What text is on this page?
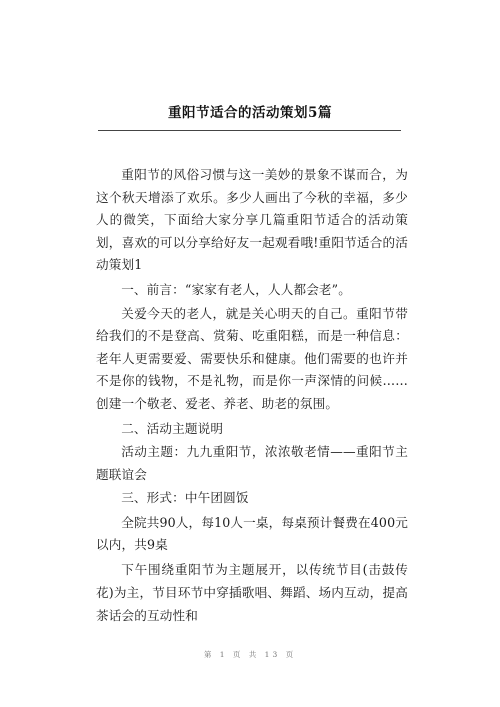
重阳节适合的活动策划5篇

重阳节的风俗习惯与这一美妙的景象不谋而合，为这个秋天增添了欢乐。多少人画出了今秋的幸福，多少人的微笑，下面给大家分享几篇重阳节适合的活动策划，喜欢的可以分享给好友一起观看哦!重阳节适合的活动策划1

一、前言：“家家有老人，人人都会老”。

关爱今天的老人，就是关心明天的自己。重阳节带给我们的不是登高、赏菊、吃重阳糕，而是一种信息：老年人更需要爱、需要快乐和健康。他们需要的也许并不是你的钱物，不是礼物，而是你一声深情的问候……创建一个敬老、爱老、养老、助老的氛围。

二、活动主题说明

活动主题：九九重阳节，浓浓敬老情——重阳节主题联谊会

三、形式：中午团圆饭

全院共90人，每10人一桌，每桌预计餐费在400元以内，共9桌

下午围绕重阳节为主题展开，以传统节目(击鼓传花)为主，节目环节中穿插歌唱、舞蹈、场内互动，提高茶话会的互动性和

第 1 页 共 13 页
